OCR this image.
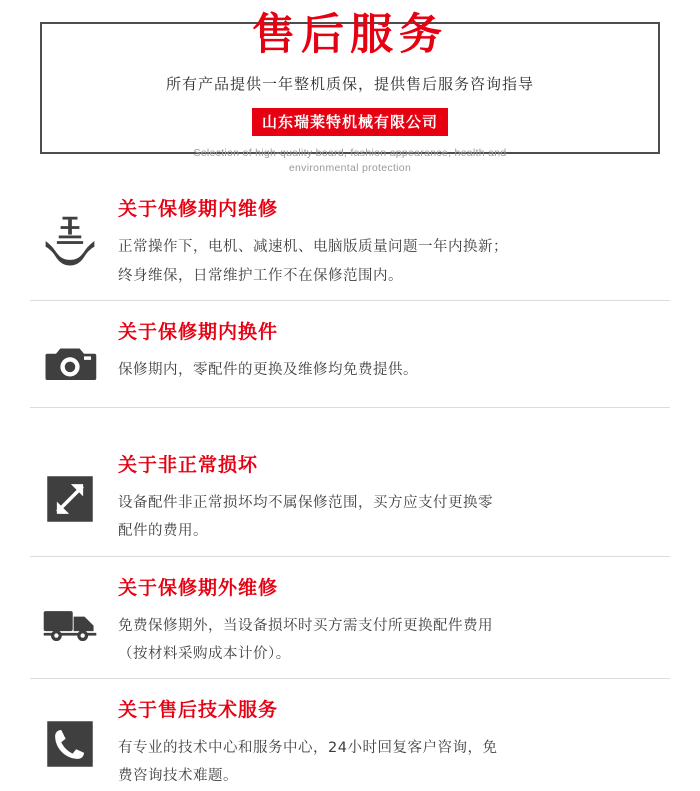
售后服务
所有产品提供一年整机质保，提供售后服务咨询指导
山东瑞莱特机械有限公司
Selection of high-quality board, fashion appearance, health and
environmental protection
关于保修期内维修
正常操作下，电机、减速机、电脑版质量问题一年内换新；
终身维保，日常维护工作不在保修范围内。
关于保修期内换件
保修期内，零配件的更换及维修均免费提供。
关于非正常损坏
设备配件非正常损坏均不属保修范围，买方应支付更换零
配件的费用。
关于保修期外维修
免费保修期外，当设备损坏时买方需支付所更换配件费用
（按材料采购成本计价）。
关于售后技术服务
有专业的技术中心和服务中心，24小时回复客户咨询，免
费咨询技术难题。
